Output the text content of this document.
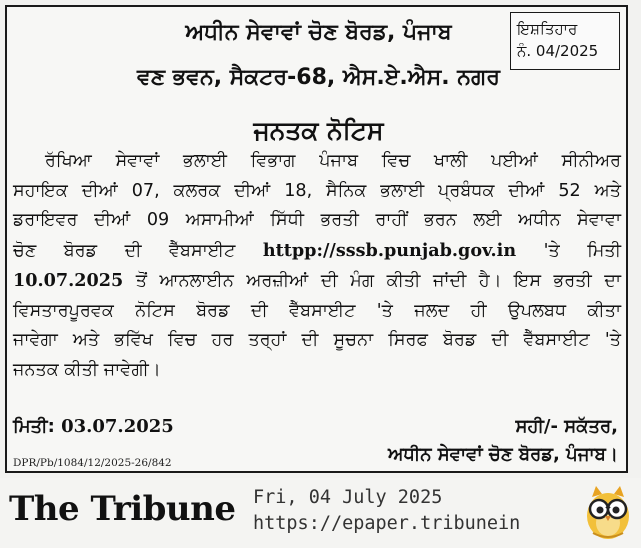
ਇਸ਼ਤਿਹਾਰ
ਨੰ. 04/2025
ਅਧੀਨ ਸੇਵਾਵਾਂ ਚੋਣ ਬੋਰਡ, ਪੰਜਾਬ
ਵਣ ਭਵਨ, ਸੈਕਟਰ-68, ਐਸ.ਏ.ਐਸ. ਨਗਰ
ਜਨਤਕ ਨੋਟਿਸ
ਰੱਖਿਆ ਸੇਵਾਵਾਂ ਭਲਾਈ ਵਿਭਾਗ ਪੰਜਾਬ ਵਿਚ ਖਾਲੀ ਪਈਆਂ ਸੀਨੀਅਰ
ਸਹਾਇਕ ਦੀਆਂ 07, ਕਲਰਕ ਦੀਆਂ 18, ਸੈਨਿਕ ਭਲਾਈ ਪ੍ਰਬੰਧਕ ਦੀਆਂ 52 ਅਤੇ
ਡਰਾਇਵਰ ਦੀਆਂ 09 ਅਸਾਮੀਆਂ ਸਿੱਧੀ ਭਰਤੀ ਰਾਹੀਂ ਭਰਨ ਲਈ ਅਧੀਨ ਸੇਵਾਵਾ
ਚੋਣ ਬੋਰਡ ਦੀ ਵੈੱਬਸਾਈਟ httpp://sssb.punjab.gov.in 'ਤੇ ਮਿਤੀ
10.07.2025 ਤੋਂ ਆਨਲਾਈਨ ਅਰਜ਼ੀਆਂ ਦੀ ਮੰਗ ਕੀਤੀ ਜਾਂਦੀ ਹੈ। ਇਸ ਭਰਤੀ ਦਾ
ਵਿਸਤਾਰਪੂਰਵਕ ਨੋਟਿਸ ਬੋਰਡ ਦੀ ਵੈੱਬਸਾਈਟ 'ਤੇ ਜਲਦ ਹੀ ਉਪਲਬਧ ਕੀਤਾ
ਜਾਵੇਗਾ ਅਤੇ ਭਵਿੱਖ ਵਿਚ ਹਰ ਤਰ੍ਹਾਂ ਦੀ ਸੂਚਨਾ ਸਿਰਫ ਬੋਰਡ ਦੀ ਵੈੱਬਸਾਈਟ 'ਤੇ
ਜਨਤਕ ਕੀਤੀ ਜਾਵੇਗੀ।
ਮਿਤੀ: 03.07.2025	ਸਹੀ/- ਸਕੱਤਰ,
ਅਧੀਨ ਸੇਵਾਵਾਂ ਚੋਣ ਬੋਰਡ, ਪੰਜਾਬ।
DPR/Pb/1084/12/2025-26/842
The Tribune Fri, 04 July 2025
https://epaper.tribunein
